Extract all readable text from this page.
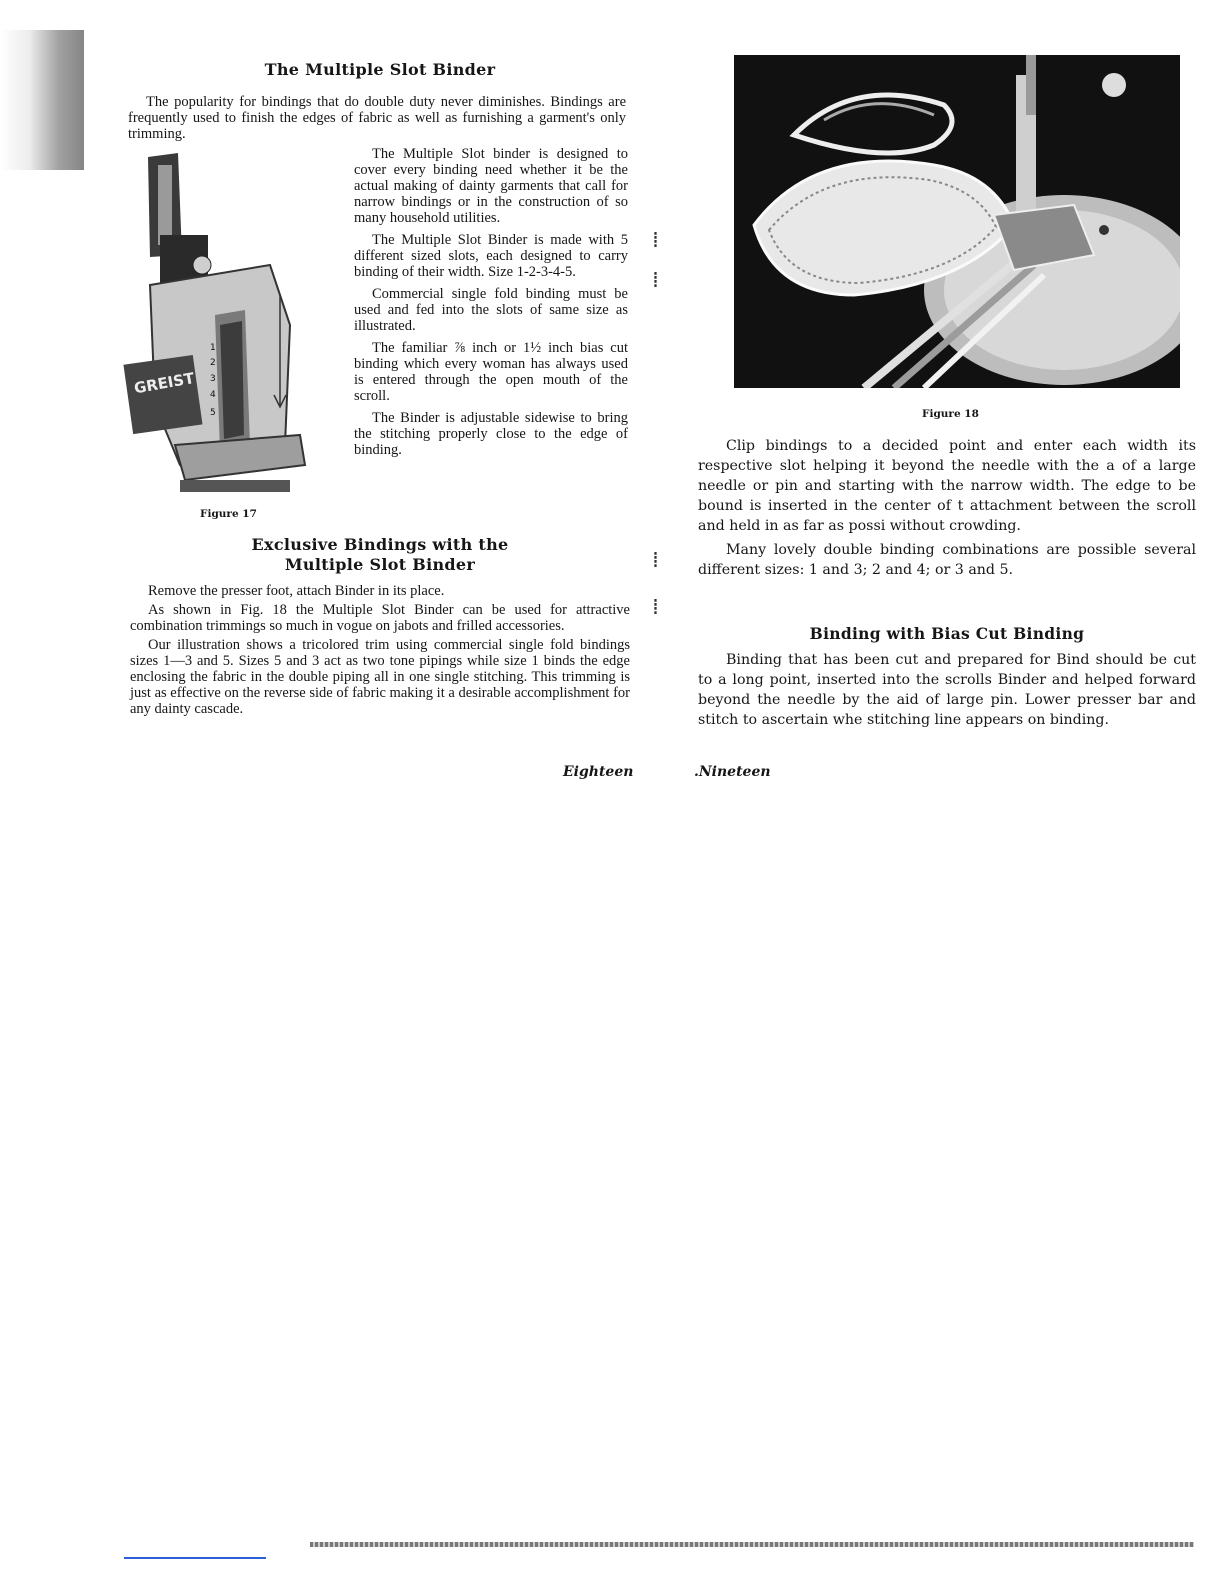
⁞
⁞
⁞
⁞
The Multiple Slot Binder

The popularity for bindings that do double duty never diminishes. Bindings are frequently used to finish the edges of fabric as well as furnishing a garment's only trimming.

GREIST
1
2
3
4
5
Figure 17

The Multiple Slot binder is designed to cover every binding need whether it be the actual making of dainty garments that call for narrow bindings or in the construction of so many household utilities.

The Multiple Slot Binder is made with 5 different sized slots, each designed to carry binding of their width. Size 1-2-3-4-5.

Commercial single fold binding must be used and fed into the slots of same size as illustrated.

The familiar ⅞ inch or 1½ inch bias cut binding which every woman has always used is entered through the open mouth of the scroll.

The Binder is adjustable sidewise to bring the stitching properly close to the edge of binding.

Exclusive Bindings with the
Multiple Slot Binder

Remove the presser foot, attach Binder in its place.

As shown in Fig. 18 the Multiple Slot Binder can be used for attractive combination trimmings so much in vogue on jabots and frilled accessories.

Our illustration shows a tricolored trim using commercial single fold bindings sizes 1—3 and 5. Sizes 5 and 3 act as two tone pipings while size 1 binds the edge enclosing the fabric in the double piping all in one single stitching. This trimming is just as effective on the reverse side of fabric making it a desirable accomplishment for any dainty cascade.

Eighteen
Figure 18

Clip bindings to a decided point and enter each width its respective slot helping it beyond the needle with the a of a large needle or pin and starting with the narrow width. The edge to be bound is inserted in the center of t attachment between the scroll and held in as far as possi without crowding.

Many lovely double binding combinations are possible several different sizes: 1 and 3; 2 and 4; or 3 and 5.

Binding with Bias Cut Binding

Binding that has been cut and prepared for Bind should be cut to a long point, inserted into the scrolls Binder and helped forward beyond the needle by the aid of large pin. Lower presser bar and stitch to ascertain whe stitching line appears on binding.

.Nineteen
